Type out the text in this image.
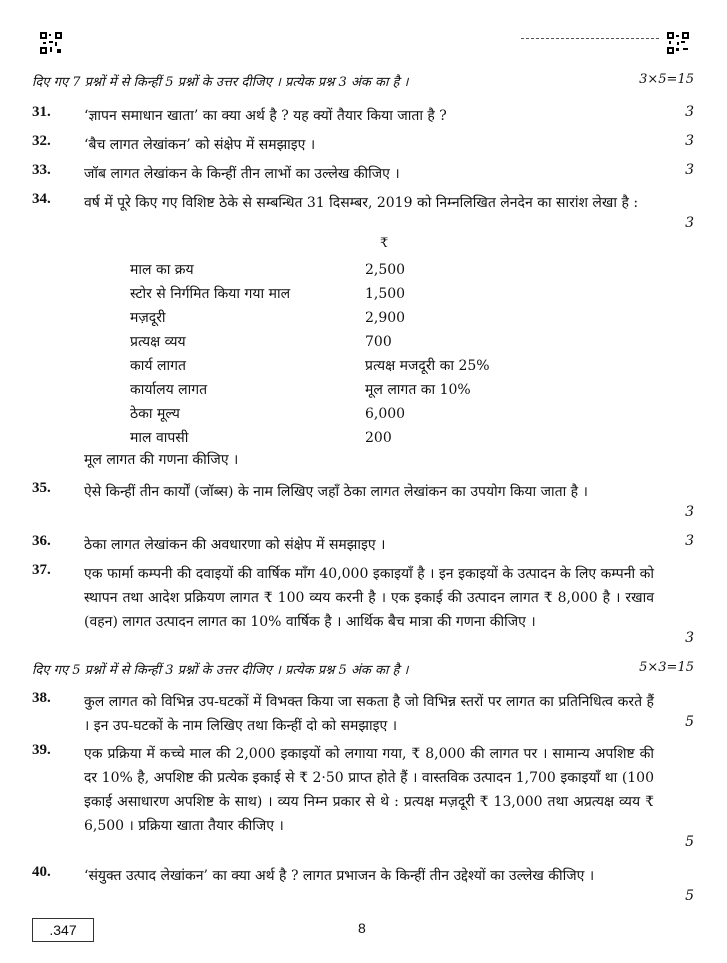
दिए गए 7 प्रश्नों में से किन्हीं 5 प्रश्नों के उत्तर दीजिए । प्रत्येक प्रश्न 3 अंक का है ।	3×5=15
31. ‘ज्ञापन समाधान खाता’ का क्या अर्थ है ? यह क्यों तैयार किया जाता है ?	3
32. ‘बैच लागत लेखांकन’ को संक्षेप में समझाइए ।	3
33. जॉब लागत लेखांकन के किन्हीं तीन लाभों का उल्लेख कीजिए ।	3
34. वर्ष में पूरे किए गए विशिष्ट ठेके से सम्बन्धित 31 दिसम्बर, 2019 को निम्नलिखित लेनदेन का सारांश लेखा है :
3
₹
माल का क्रय	2,500
स्टोर से निर्गमित किया गया माल	1,500
मज़दूरी	2,900
प्रत्यक्ष व्यय	700
कार्य लागत	प्रत्यक्ष मजदूरी का 25%
कार्यालय लागत	मूल लागत का 10%
ठेका मूल्य	6,000
माल वापसी	200
मूल लागत की गणना कीजिए ।
35. ऐसे किन्हीं तीन कार्यों (जॉब्स) के नाम लिखिए जहाँ ठेका लागत लेखांकन का उपयोग किया जाता है ।
3
36. ठेका लागत लेखांकन की अवधारणा को संक्षेप में समझाइए ।	3
37. एक फार्मा कम्पनी की दवाइयों की वार्षिक माँग 40,000 इकाइयाँ है । इन इकाइयों के उत्पादन के लिए कम्पनी को स्थापन तथा आदेश प्रक्रियण लागत ₹ 100 व्यय करनी है । एक इकाई की उत्पादन लागत ₹ 8,000 है । रखाव (वहन) लागत उत्पादन लागत का 10% वार्षिक है । आर्थिक बैच मात्रा की गणना कीजिए ।
3
दिए गए 5 प्रश्नों में से किन्हीं 3 प्रश्नों के उत्तर दीजिए । प्रत्येक प्रश्न 5 अंक का है ।	5×3=15
38. कुल लागत को विभिन्न उप-घटकों में विभक्त किया जा सकता है जो विभिन्न स्तरों पर लागत का प्रतिनिधित्व करते हैं । इन उप-घटकों के नाम लिखिए तथा किन्हीं दो को समझाइए ।	5
39. एक प्रक्रिया में कच्चे माल की 2,000 इकाइयों को लगाया गया, ₹ 8,000 की लागत पर । सामान्य अपशिष्ट की दर 10% है, अपशिष्ट की प्रत्येक इकाई से ₹ 2·50 प्राप्त होते हैं । वास्तविक उत्पादन 1,700 इकाइयाँ था (100 इकाई असाधारण अपशिष्ट के साथ) । व्यय निम्न प्रकार से थे : प्रत्यक्ष मज़दूरी ₹ 13,000 तथा अप्रत्यक्ष व्यय ₹ 6,500 । प्रक्रिया खाता तैयार कीजिए ।
5
40. ‘संयुक्त उत्पाद लेखांकन’ का क्या अर्थ है ? लागत प्रभाजन के किन्हीं तीन उद्देश्यों का उल्लेख कीजिए ।
5
.347	8
